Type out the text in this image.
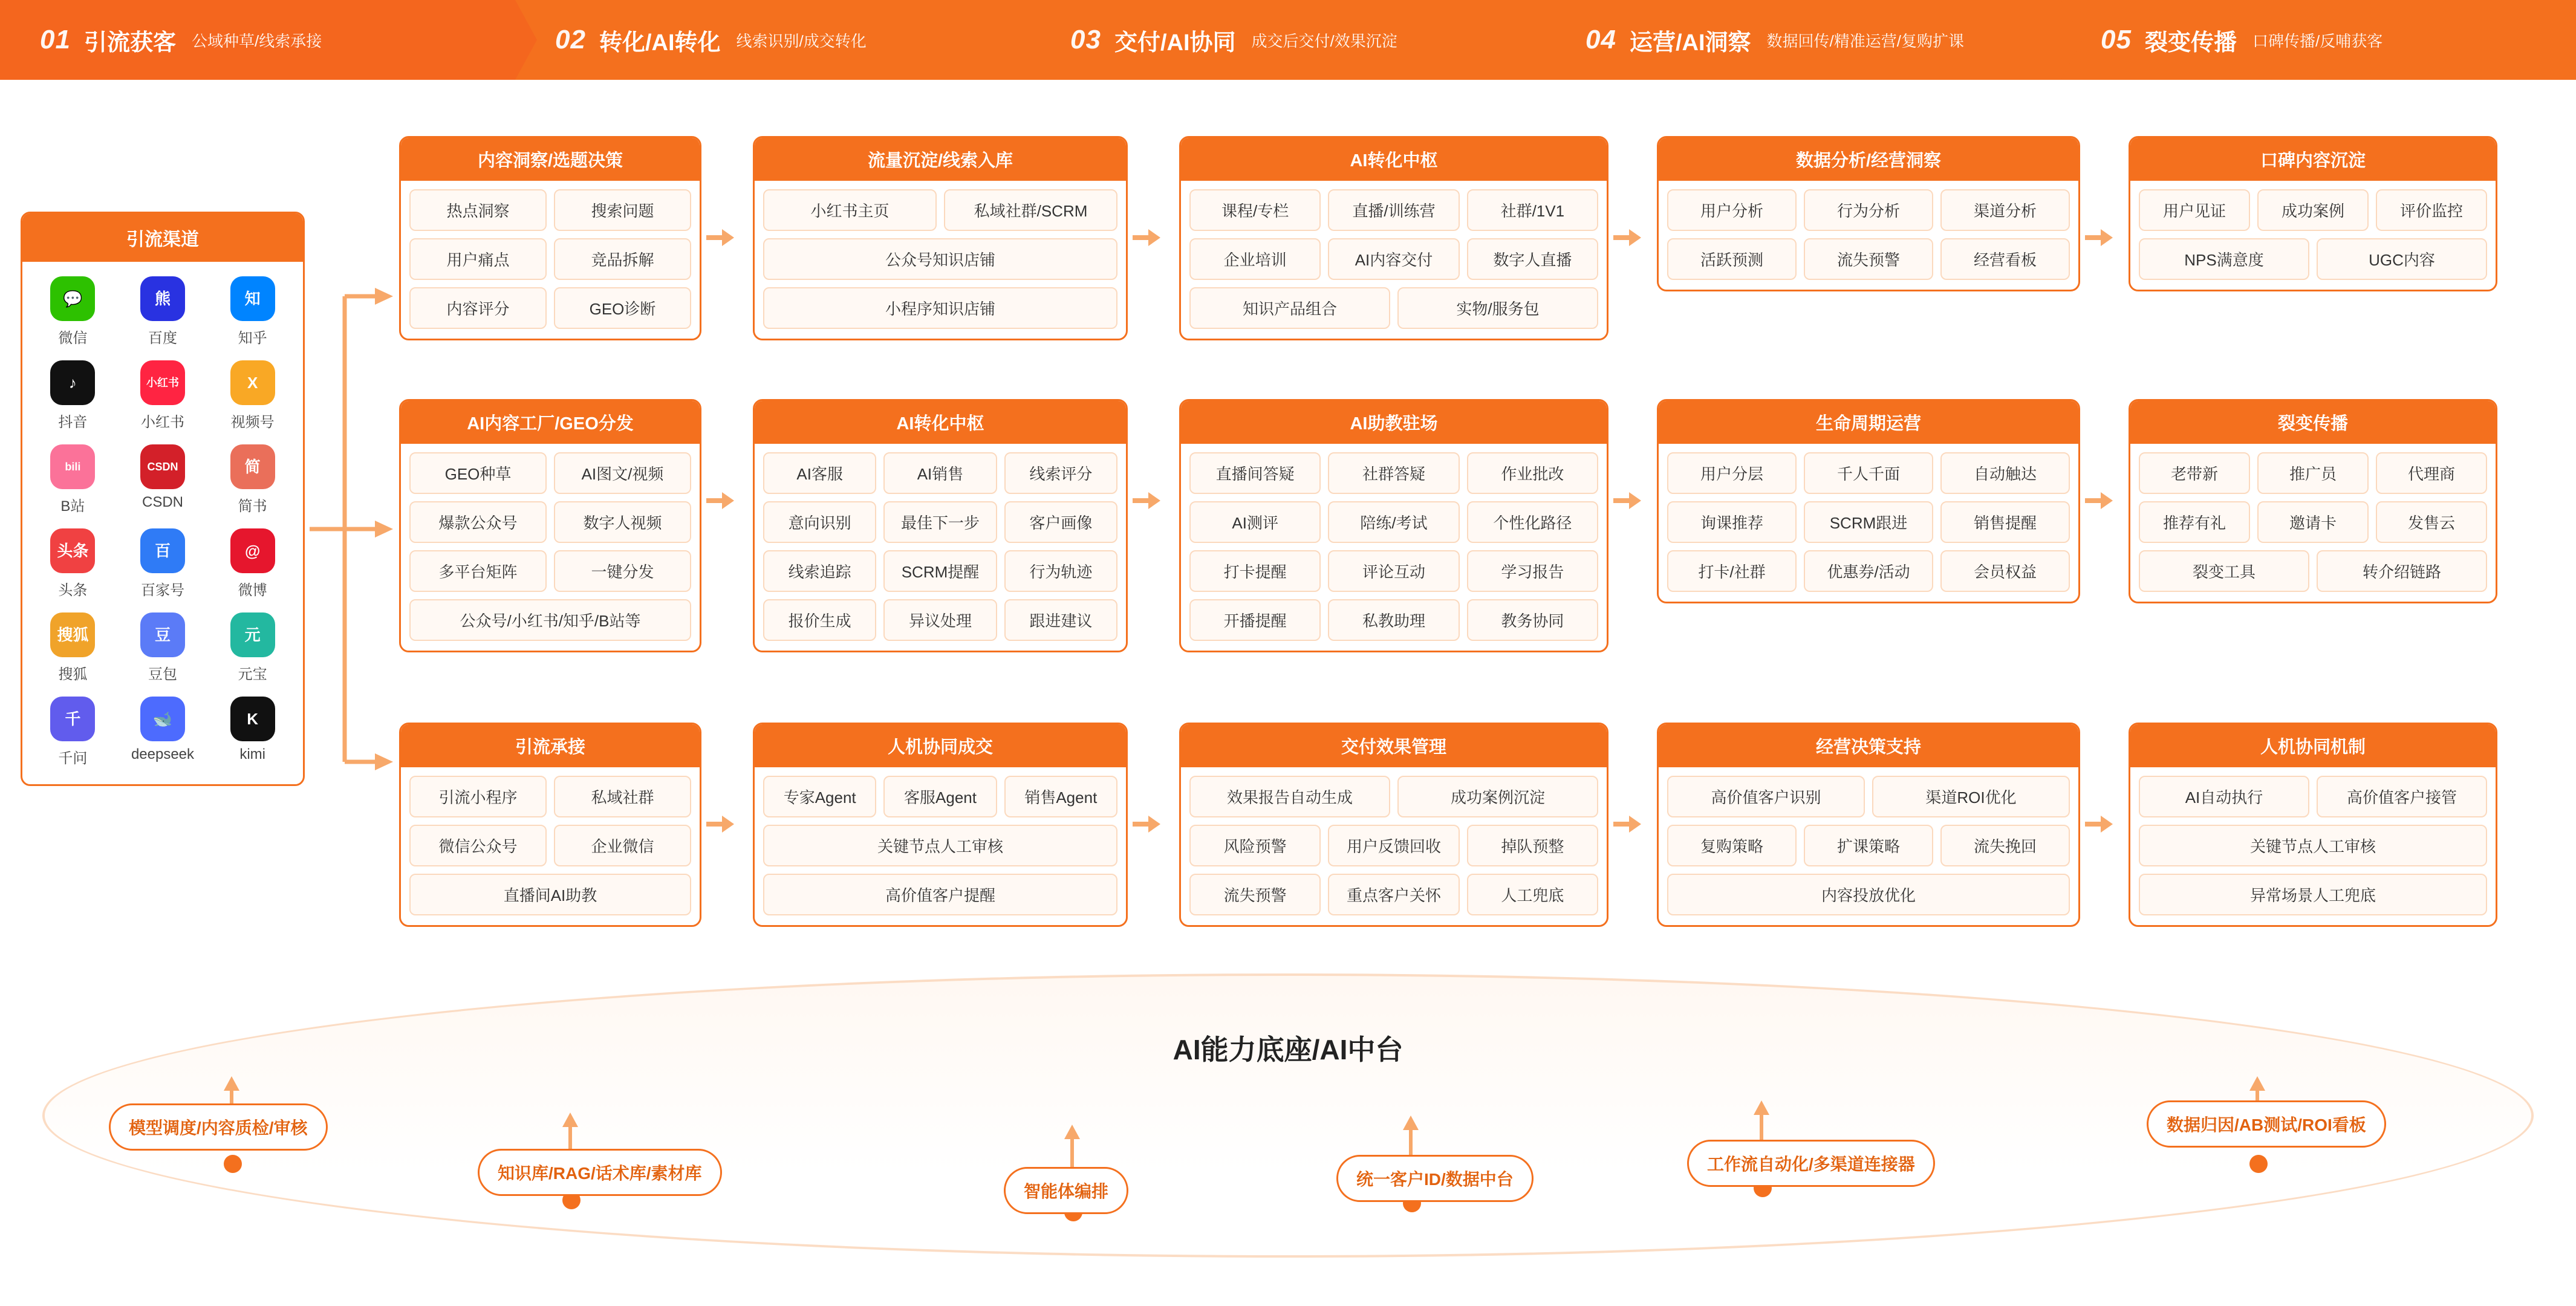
01 引流获客 公域种草/线索承接	02 转化/AI转化 线索识别/成交转化	03 交付/AI协同 成交后交付/效果沉淀	04 运营/AI洞察 数据回传/精准运营/复购扩课	05 裂变传播 口碑传播/反哺获客
引流渠道
💬
微信
熊
百度
知
知乎
♪
抖音
小红书
小红书
X
视频号
bili
B站
CSDN
CSDN
简
简书
头条
头条
百
百家号
@
微博
搜狐
搜狐
豆
豆包
元
元宝
千
千问
🐋
deepseek
K
kimi
内容洞察/选题决策
热点洞察	搜索问题
用户痛点	竞品拆解
内容评分	GEO诊断
AI内容工厂/GEO分发
GEO种草	AI图文/视频
爆款公众号	数字人视频
多平台矩阵	一键分发
公众号/小红书/知乎/B站等
引流承接
引流小程序	私域社群
微信公众号	企业微信
直播间AI助教
流量沉淀/线索入库
小红书主页	私域社群/SCRM
公众号知识店铺
小程序知识店铺
AI转化中枢
AI客服	AI销售	线索评分
意向识别	最佳下一步	客户画像
线索追踪	SCRM提醒	行为轨迹
报价生成	异议处理	跟进建议
人机协同成交
专家Agent	客服Agent	销售Agent
关键节点人工审核
高价值客户提醒
AI转化中枢
课程/专栏	直播/训练营	社群/1V1
企业培训	AI内容交付	数字人直播
知识产品组合	实物/服务包
AI助教驻场
直播间答疑	社群答疑	作业批改
AI测评	陪练/考试	个性化路径
打卡提醒	评论互动	学习报告
开播提醒	私教助理	教务协同
交付效果管理
效果报告自动生成	成功案例沉淀
风险预警	用户反馈回收	掉队预整
流失预警	重点客户关怀	人工兜底
数据分析/经营洞察
用户分析	行为分析	渠道分析
活跃预测	流失预警	经营看板
生命周期运营
用户分层	千人千面	自动触达
询课推荐	SCRM跟进	销售提醒
打卡/社群	优惠券/活动	会员权益
经营决策支持
高价值客户识别	渠道ROI优化
复购策略	扩课策略	流失挽回
内容投放优化
口碑内容沉淀
用户见证	成功案例	评价监控
NPS满意度	UGC内容
裂变传播
老带新	推广员	代理商
推荐有礼	邀请卡	发售云
裂变工具	转介绍链路
人机协同机制
AI自动执行	高价值客户接管
关键节点人工审核
异常场景人工兜底
AI能力底座/AI中台
模型调度/内容质检/审核
知识库/RAG/话术库/素材库
智能体编排
统一客户ID/数据中台
工作流自动化/多渠道连接器
数据归因/AB测试/ROI看板
